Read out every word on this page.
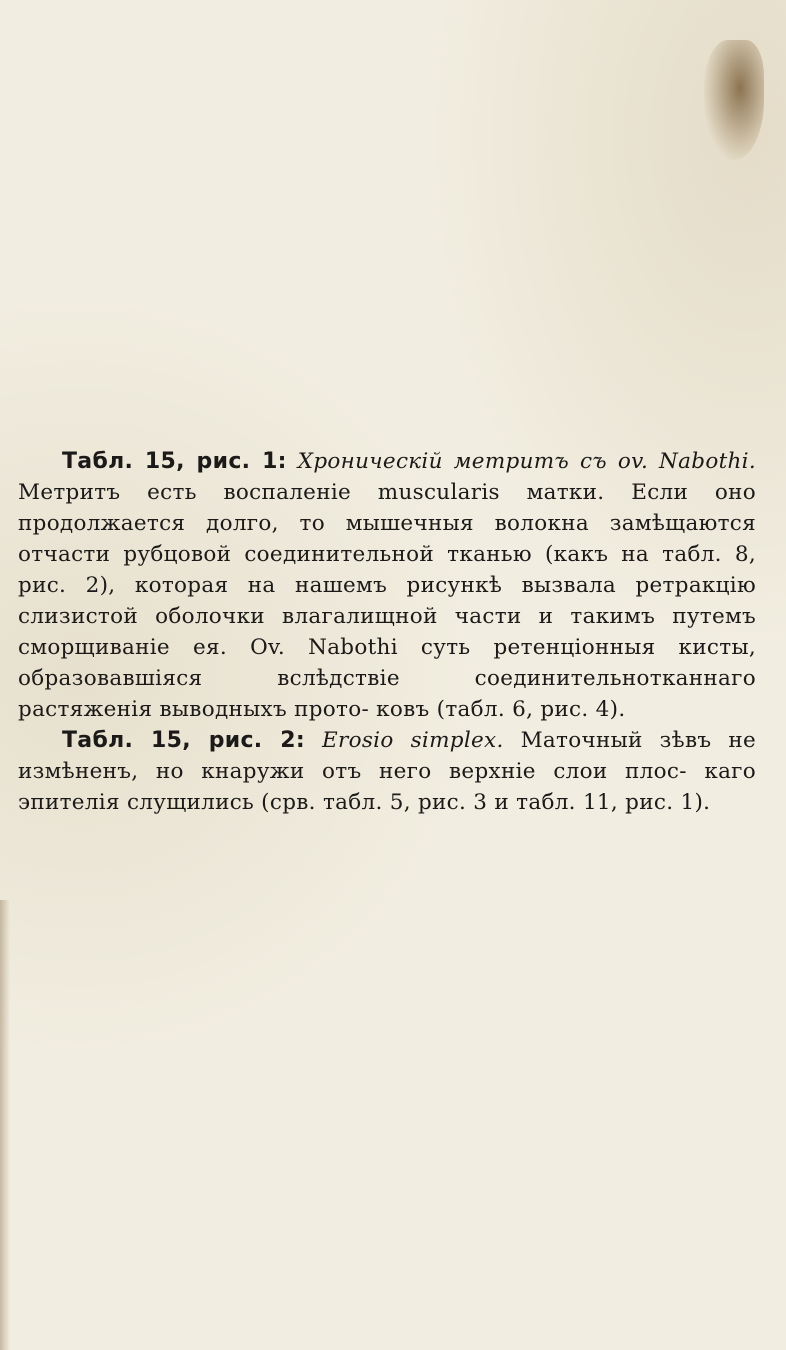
Табл. 15, рис. 1: Хроническій метритъ съ ov. Nabothi. Метритъ есть воспаленіе muscularis матки. Если оно продолжается долго, то мышечныя волокна замѣщаются отчасти рубцовой соединительной тканью (какъ на табл. 8, рис. 2), которая на нашемъ рисункѣ вызвала ретракцію слизистой оболочки влагалищной части и такимъ путемъ сморщиваніе ея. Ov. Nabothi суть ретенціонныя кисты, образовавшіяся вслѣдствіе соединительнотканнаго растяженія выводныхъ прото- ковъ (табл. 6, рис. 4).

Табл. 15, рис. 2: Erosio simplex. Маточный зѣвъ не измѣненъ, но кнаружи отъ него верхніе слои плос- каго эпителія слущились (срв. табл. 5, рис. 3 и табл. 11, рис. 1).
